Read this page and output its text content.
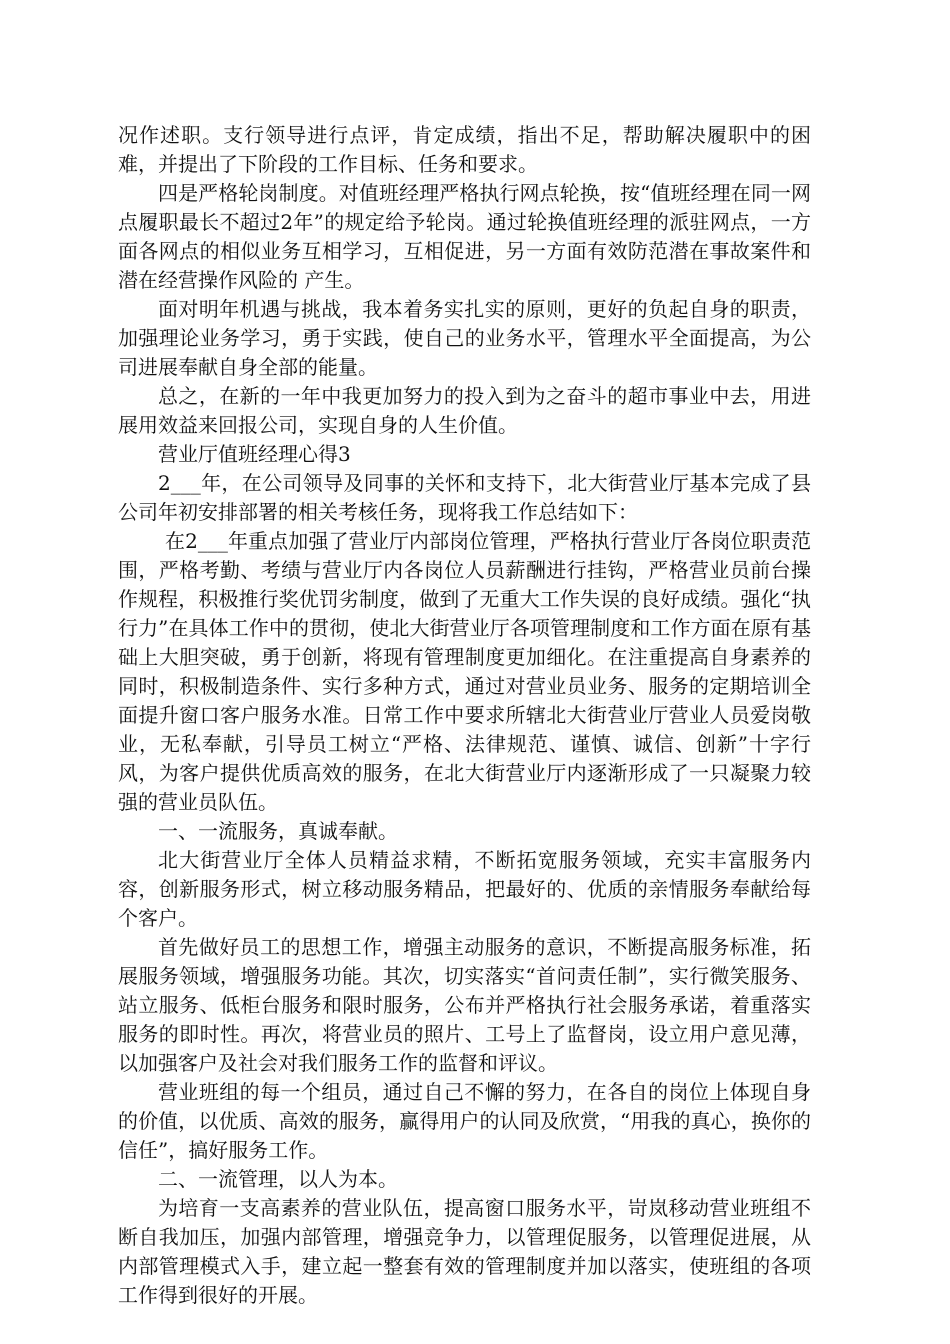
况作述职。支行领导进行点评，肯定成绩，指出不足，帮助解决履职中的困难，并提出了下阶段的工作目标、任务和要求。

四是严格轮岗制度。对值班经理严格执行网点轮换，按“值班经理在同一网点履职最长不超过2年”的规定给予轮岗。通过轮换值班经理的派驻网点，一方面各网点的相似业务互相学习，互相促进，另一方面有效防范潜在事故案件和潜在经营操作风险的 产生。

面对明年机遇与挑战，我本着务实扎实的原则，更好的负起自身的职责，加强理论业务学习，勇于实践，使自己的业务水平，管理水平全面提高，为公司进展奉献自身全部的能量。

总之，在新的一年中我更加努力的投入到为之奋斗的超市事业中去，用进展用效益来回报公司，实现自身的人生价值。

营业厅值班经理心得3

2___年，在公司领导及同事的关怀和支持下，北大街营业厅基本完成了县公司年初安排部署的相关考核任务，现将我工作总结如下：

在2___年重点加强了营业厅内部岗位管理，严格执行营业厅各岗位职责范围，严格考勤、考绩与营业厅内各岗位人员薪酬进行挂钩，严格营业员前台操作规程，积极推行奖优罚劣制度，做到了无重大工作失误的良好成绩。强化“执行力”在具体工作中的贯彻，使北大街营业厅各项管理制度和工作方面在原有基础上大胆突破，勇于创新，将现有管理制度更加细化。在注重提高自身素养的同时，积极制造条件、实行多种方式，通过对营业员业务、服务的定期培训全面提升窗口客户服务水准。日常工作中要求所辖北大街营业厅营业人员爱岗敬业，无私奉献，引导员工树立“严格、法律规范、谨慎、诚信、创新”十字行风，为客户提供优质高效的服务，在北大街营业厅内逐渐形成了一只凝聚力较强的营业员队伍。

一、一流服务，真诚奉献。

北大街营业厅全体人员精益求精，不断拓宽服务领域，充实丰富服务内容，创新服务形式，树立移动服务精品，把最好的、优质的亲情服务奉献给每个客户。

首先做好员工的思想工作，增强主动服务的意识，不断提高服务标准，拓展服务领域，增强服务功能。其次，切实落实“首问责任制”，实行微笑服务、站立服务、低柜台服务和限时服务，公布并严格执行社会服务承诺，着重落实服务的即时性。再次，将营业员的照片、工号上了监督岗，设立用户意见薄，以加强客户及社会对我们服务工作的监督和评议。

营业班组的每一个组员，通过自己不懈的努力，在各自的岗位上体现自身的价值，以优质、高效的服务，赢得用户的认同及欣赏，“用我的真心，换你的信任”，搞好服务工作。

二、一流管理，以人为本。

为培育一支高素养的营业队伍，提高窗口服务水平，岢岚移动营业班组不断自我加压，加强内部管理，增强竞争力，以管理促服务，以管理促进展，从内部管理模式入手，建立起一整套有效的管理制度并加以落实，使班组的各项工作得到很好的开展。
